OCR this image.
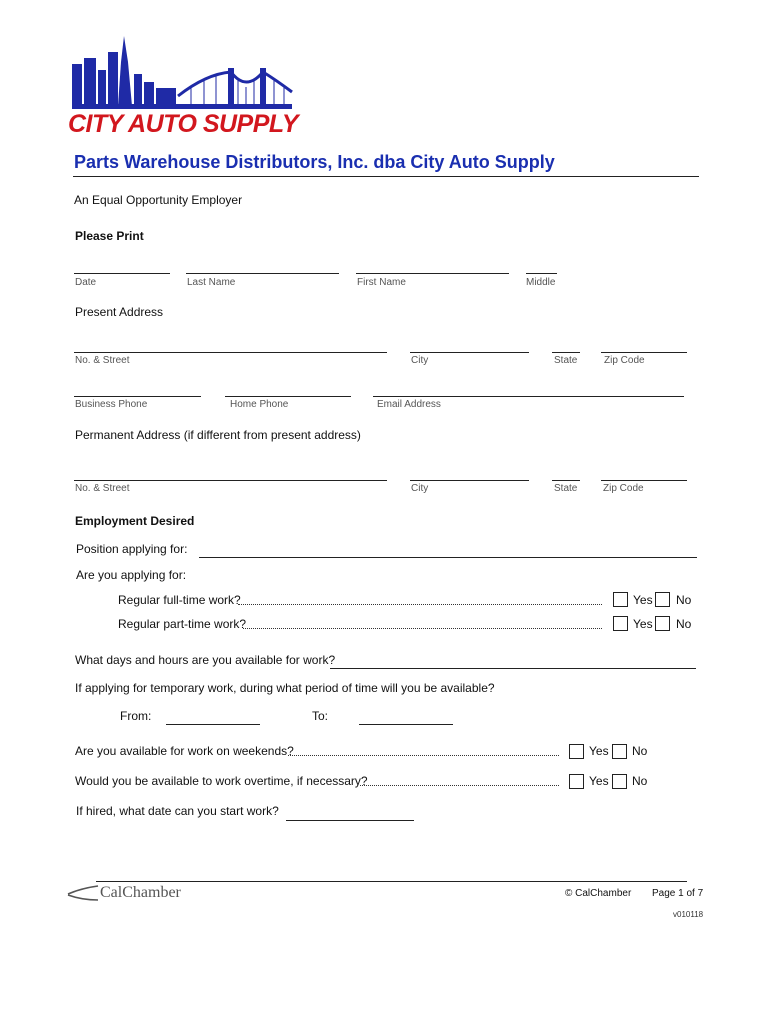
CITY AUTO SUPPLY
Parts Warehouse Distributors, Inc. dba City Auto Supply
An Equal Opportunity Employer
Please Print
Date	Last Name	First Name	Middle
Present Address
No. & Street	City	State	Zip Code
Business Phone	Home Phone	Email Address
Permanent Address (if different from present address)
No. & Street	City	State	Zip Code
Employment Desired
Position applying for:
Are you applying for:
Regular full-time work?	Yes No
Regular part-time work?	Yes No
What days and hours are you available for work?
If applying for temporary work, during what period of time will you be available?
From:	To:
Are you available for work on weekends?	Yes No
Would you be available to work overtime, if necessary?	Yes No
If hired, what date can you start work?
CalChamber	© CalChamber Page 1 of 7
v010118
